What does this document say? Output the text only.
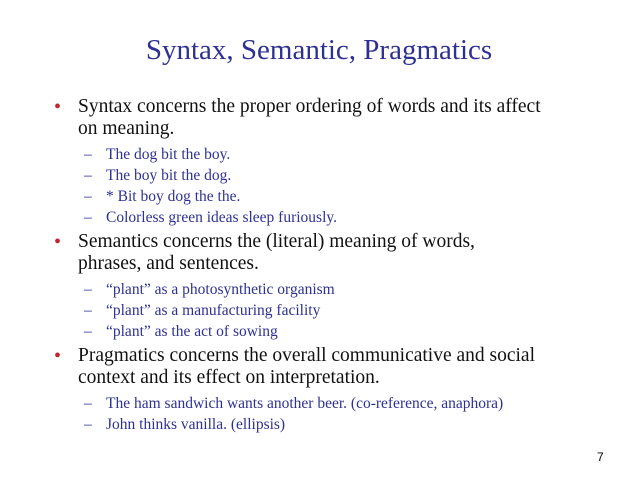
Syntax, Semantic, Pragmatics
• Syntax concerns the proper ordering of words and its affect
on meaning.
– The dog bit the boy.
– The boy bit the dog.
– * Bit boy dog the the.
– Colorless green ideas sleep furiously.
• Semantics concerns the (literal) meaning of words,
phrases, and sentences.
– “plant” as a photosynthetic organism
– “plant” as a manufacturing facility
– “plant” as the act of sowing
• Pragmatics concerns the overall communicative and social
context and its effect on interpretation.
– The ham sandwich wants another beer. (co-reference, anaphora)
– John thinks vanilla. (ellipsis)
7
